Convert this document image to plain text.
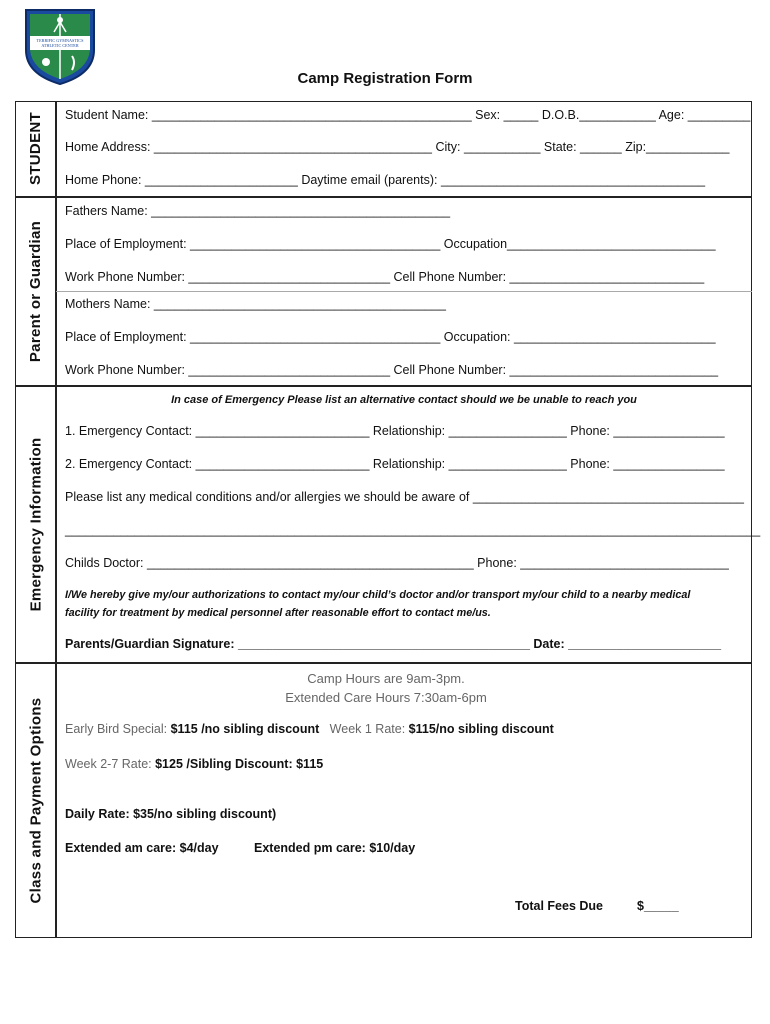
TERRIFIC GYMNASTICS
ATHLETIC CENTER
Camp Registration Form
STUDENT
Parent or Guardian
Emergency Information
Class and Payment Options
Student Name: ______________________________________________ Sex: _____ D.O.B.___________ Age: _________
Home Address: ________________________________________ City: ___________ State: ______ Zip:____________
Home Phone: ______________________ Daytime email (parents): ______________________________________
Fathers Name: ___________________________________________
Place of Employment: ____________________________________ Occupation______________________________
Work Phone Number: _____________________________ Cell Phone Number: ____________________________
Mothers Name: __________________________________________
Place of Employment: ____________________________________ Occupation: _____________________________
Work Phone Number: _____________________________ Cell Phone Number: ______________________________
In case of Emergency Please list an alternative contact should we be unable to reach you
1. Emergency Contact: _________________________ Relationship: _________________ Phone: ________________
2. Emergency Contact: _________________________ Relationship: _________________ Phone: ________________
Please list any medical conditions and/or allergies we should be aware of _______________________________________
____________________________________________________________________________________________________
Childs Doctor: _______________________________________________ Phone: ______________________________
I/We hereby give my/our authorizations to contact my/our child’s doctor and/or transport my/our child to a nearby medical
facility for treatment by medical personnel after reasonable effort to contact me/us.
Parents/Guardian Signature: __________________________________________ Date: ______________________
Camp Hours are 9am-3pm.
Extended Care Hours 7:30am-6pm
Early Bird Special: $115 /no sibling discount Week 1 Rate: $115/no sibling discount
Week 2-7 Rate: $125 /Sibling Discount: $115
Daily Rate: $35/no sibling discount)
Extended am care: $4/day	Extended pm care: $10/day
Total Fees Due	$_____
